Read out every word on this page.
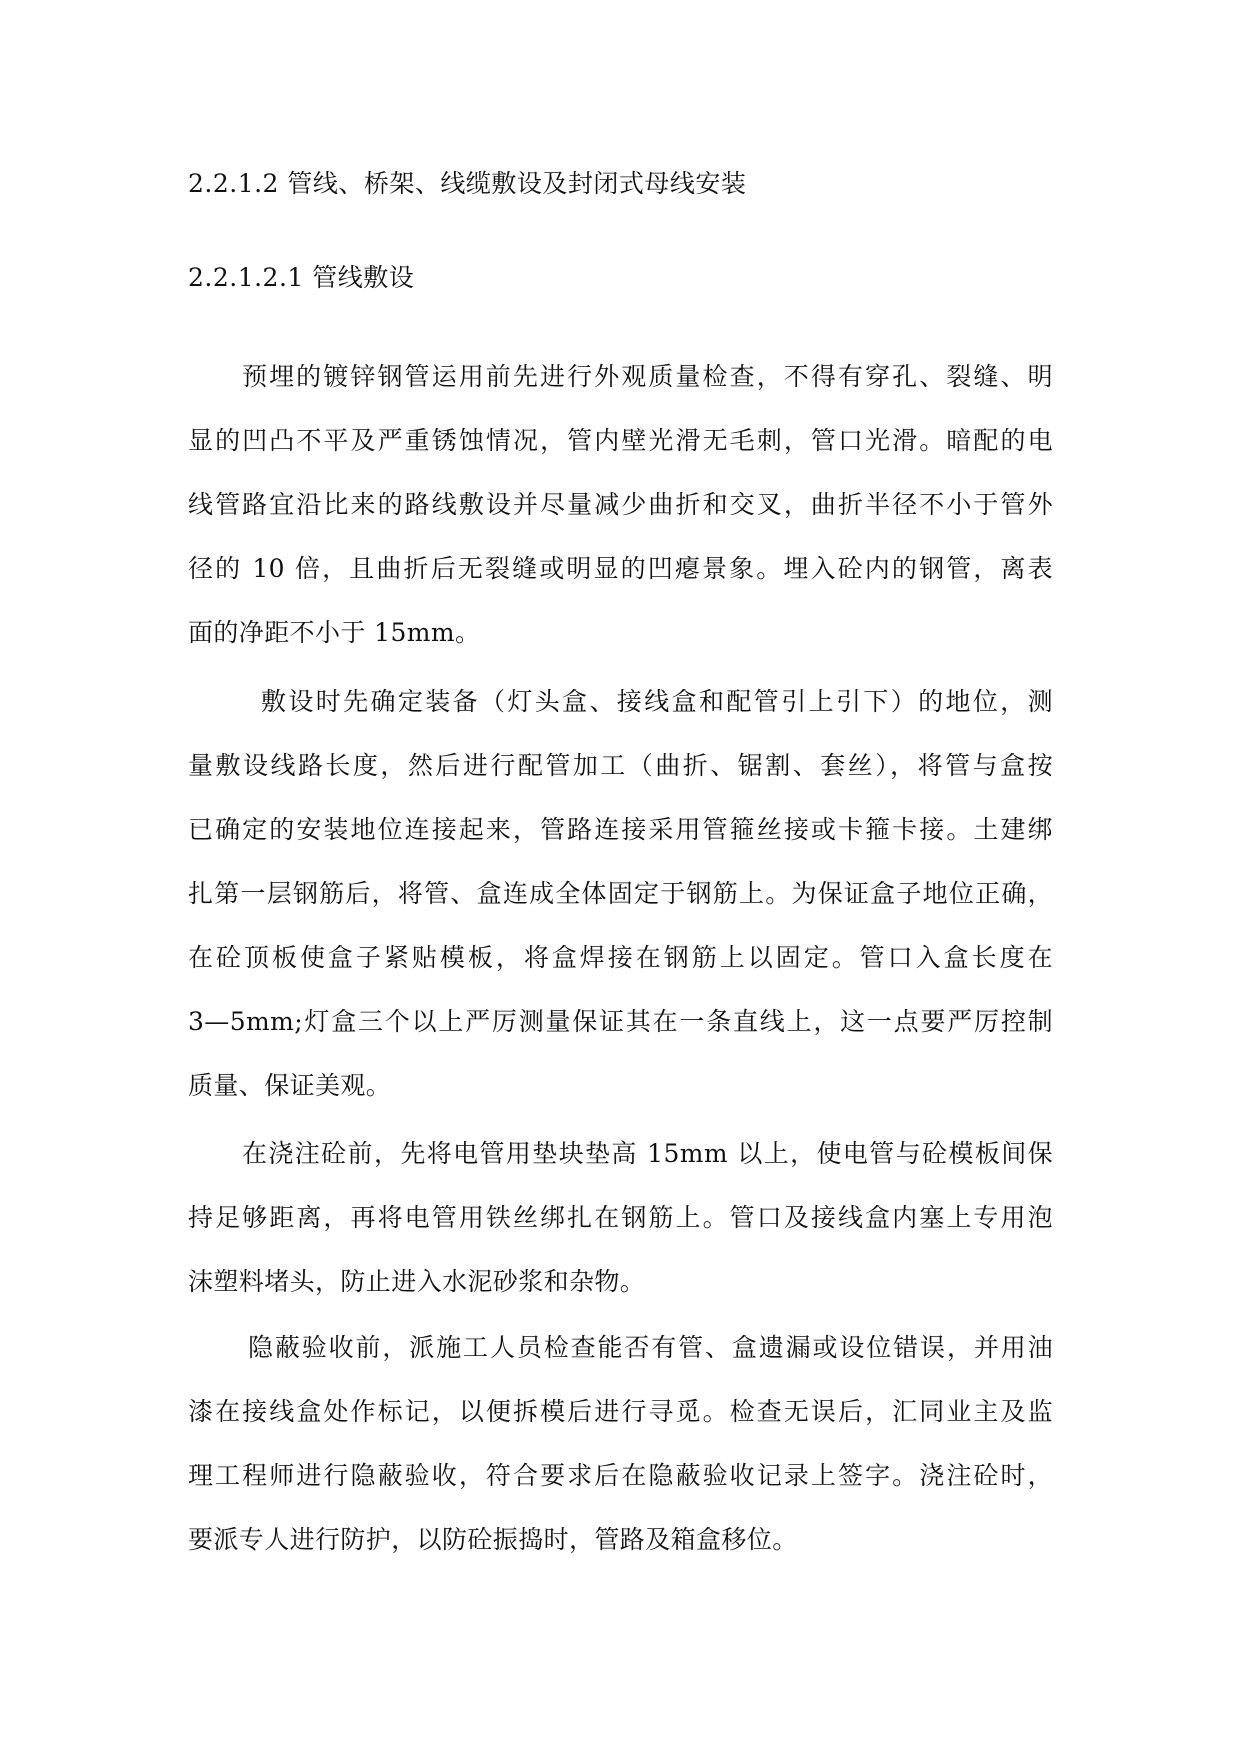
2.2.1.2 管线、桥架、线缆敷设及封闭式母线安装
2.2.1.2.1 管线敷设
预埋的镀锌钢管运用前先进行外观质量检查，不得有穿孔、裂缝、明
显的凹凸不平及严重锈蚀情况，管内壁光滑无毛刺，管口光滑。暗配的电
线管路宜沿比来的路线敷设并尽量减少曲折和交叉，曲折半径不小于管外
径的 10 倍，且曲折后无裂缝或明显的凹瘪景象。埋入砼内的钢管，离表
面的净距不小于 15mm。
敷设时先确定装备（灯头盒、接线盒和配管引上引下）的地位，测
量敷设线路长度，然后进行配管加工（曲折、锯割、套丝），将管与盒按
已确定的安装地位连接起来，管路连接采用管箍丝接或卡箍卡接。土建绑
扎第一层钢筋后，将管、盒连成全体固定于钢筋上。为保证盒子地位正确，
在砼顶板使盒子紧贴模板，将盒焊接在钢筋上以固定。管口入盒长度在
3—5mm;灯盒三个以上严厉测量保证其在一条直线上，这一点要严厉控制
质量、保证美观。
在浇注砼前，先将电管用垫块垫高 15mm 以上，使电管与砼模板间保
持足够距离，再将电管用铁丝绑扎在钢筋上。管口及接线盒内塞上专用泡
沫塑料堵头，防止进入水泥砂浆和杂物。
隐蔽验收前，派施工人员检查能否有管、盒遗漏或设位错误，并用油
漆在接线盒处作标记，以便拆模后进行寻觅。检查无误后，汇同业主及监
理工程师进行隐蔽验收，符合要求后在隐蔽验收记录上签字。浇注砼时，
要派专人进行防护，以防砼振捣时，管路及箱盒移位。
